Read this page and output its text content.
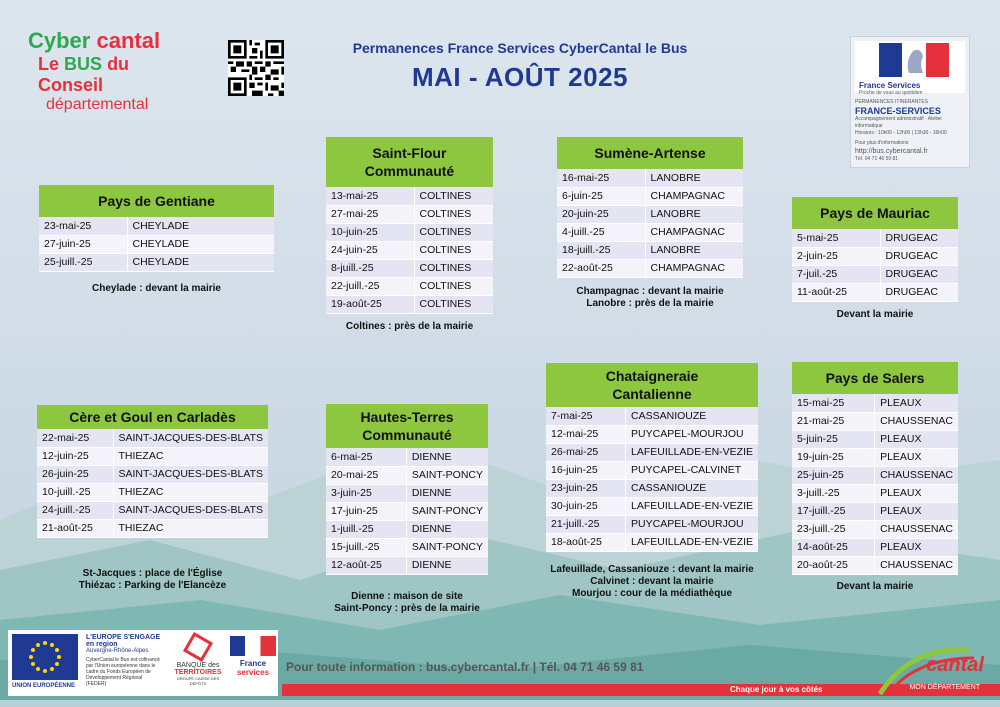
Cyber cantal
Le BUS du Conseil
départemental
Permanences France Services CyberCantal le Bus
MAI - AOÛT 2025	France Services
Proche de vous au quotidien
PERMANENCES ITINERANTES
FRANCE-SERVICES
Accompagnement administratif · Atelier informatique
Horaires : 10h00 - 12h00 | 13h30 - 16h00
Pour plus d'informations
http://bus.cybercantal.fr
Tél. 04 71 46 59 81
Pays de Gentiane
23-mai-25	CHEYLADE
27-juin-25	CHEYLADE
25-juill.-25	CHEYLADE
Cheylade : devant la mairie
Saint-Flour Communauté
13-mai-25	COLTINES
27-mai-25	COLTINES
10-juin-25	COLTINES
24-juin-25	COLTINES
8-juill.-25	COLTINES
22-juill.-25	COLTINES
19-août-25	COLTINES
Coltines : près de la mairie
Sumène-Artense
16-mai-25	LANOBRE
6-juin-25	CHAMPAGNAC
20-juin-25	LANOBRE
4-juill.-25	CHAMPAGNAC
18-juill.-25	LANOBRE
22-août-25	CHAMPAGNAC
Champagnac : devant la mairie
Lanobre : près de la mairie
Pays de Mauriac
5-mai-25	DRUGEAC
2-juin-25	DRUGEAC
7-juil.-25	DRUGEAC
11-août-25	DRUGEAC
Devant la mairie
Cère et Goul en Carladès
22-mai-25	SAINT-JACQUES-DES-BLATS
12-juin-25	THIEZAC
26-juin-25	SAINT-JACQUES-DES-BLATS
10-juill.-25	THIEZAC
24-juill.-25	SAINT-JACQUES-DES-BLATS
21-août-25	THIEZAC
St-Jacques : place de l'Église
Thiézac : Parking de l'Elancèze
Hautes-Terres Communauté
6-mai-25	DIENNE
20-mai-25	SAINT-PONCY
3-juin-25	DIENNE
17-juin-25	SAINT-PONCY
1-juill.-25	DIENNE
15-juill.-25	SAINT-PONCY
12-août-25	DIENNE
Dienne : maison de site
Saint-Poncy : près de la mairie
Chataigneraie Cantalienne
7-mai-25	CASSANIOUZE
12-mai-25	PUYCAPEL-MOURJOU
26-mai-25	LAFEUILLADE-EN-VEZIE
16-juin-25	PUYCAPEL-CALVINET
23-juin-25	CASSANIOUZE
30-juin-25	LAFEUILLADE-EN-VEZIE
21-juill.-25	PUYCAPEL-MOURJOU
18-août-25	LAFEUILLADE-EN-VEZIE
Lafeuillade, Cassaniouze : devant la mairie
Calvinet : devant la mairie
Mourjou : cour de la médiathèque
Pays de Salers
15-mai-25	PLEAUX
21-mai-25	CHAUSSENAC
5-juin-25	PLEAUX
19-juin-25	PLEAUX
25-juin-25	CHAUSSENAC
3-juill.-25	PLEAUX
17-juill.-25	PLEAUX
23-juill.-25	CHAUSSENAC
14-août-25	PLEAUX
20-août-25	CHAUSSENAC
Devant la mairie
UNION EUROPÉENNE
L'EUROPE S'ENGAGE en region
Auvergne-Rhône-Alpes
CyberCantal le Bus est cofinancé par l'Union européenne dans le cadre du Fonds Européen de Développement Régional (FEDER)
BANQUE des
TERRITOIRES
GROUPE CAISSE DES DÉPÔTS
France
services	Pour toute information : bus.cybercantal.fr | Tél. 04 71 46 59 81
Chaque jour à vos côtés
cantal
MON DÉPARTEMENT
